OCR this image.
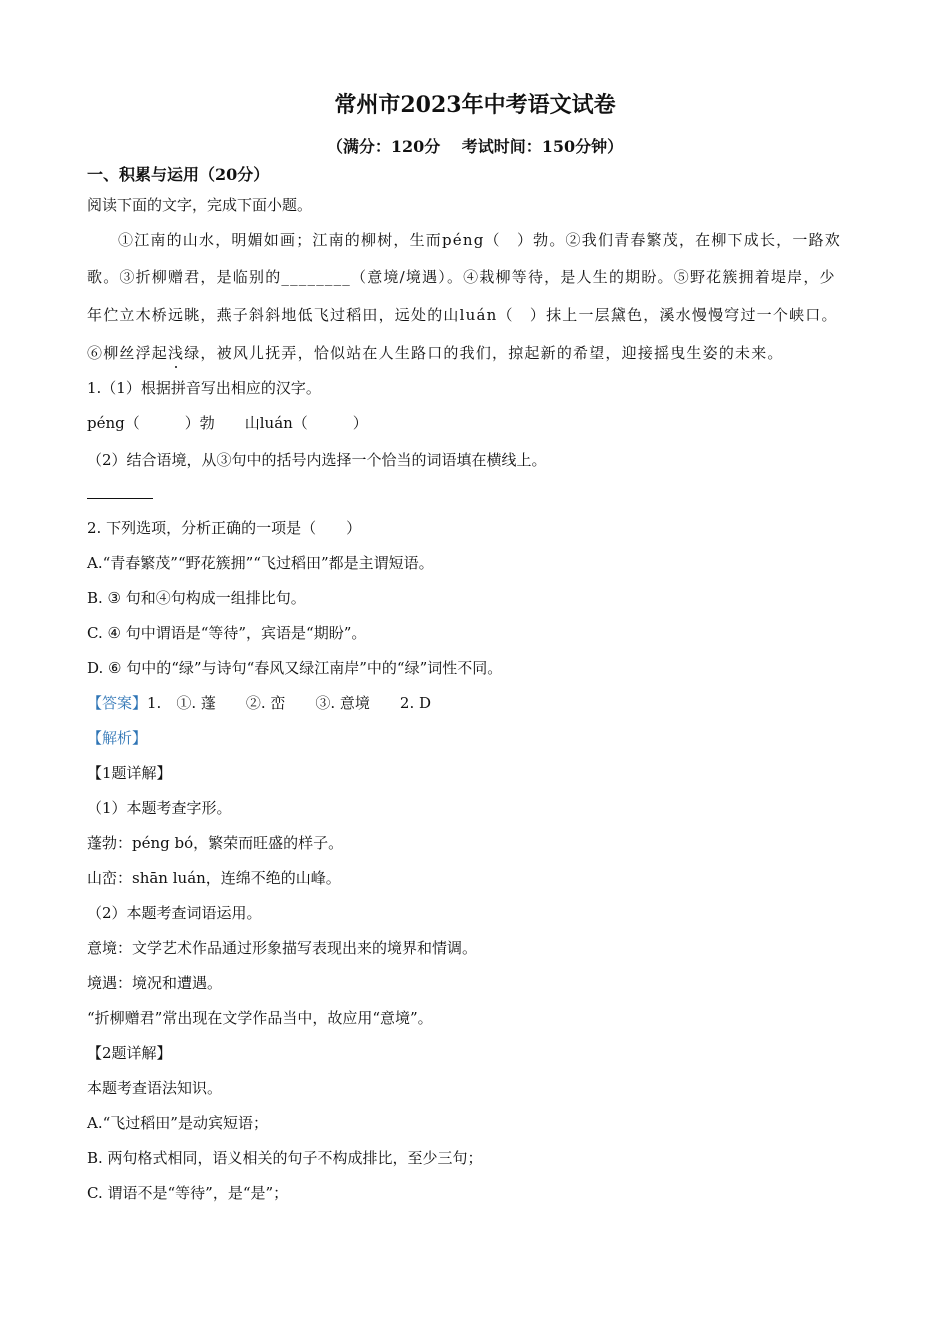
常州市2023年中考语文试卷
（满分：120分　 考试时间：150分钟）
一、积累与运用（20分）
阅读下面的文字，完成下面小题。
①江南的山水，明媚如画；江南的柳树，生而péng（　）勃。②我们青春繁茂，在柳下成长，一路欢
歌。③折柳赠君，是临别的________（意境/境遇）。④栽柳等待，是人生的期盼。⑤野花簇拥着堤岸，少
年伫立木桥远眺，燕子斜斜地低飞过稻田，远处的山luán（　）抹上一层黛色，溪水慢慢穹过一个峡口。
⑥柳丝浮起浅绿，被风儿抚弄，恰似站在人生路口的我们，掠起新的希望，迎接摇曳生姿的未来。
1.（1）根据拼音写出相应的汉字。
péng（　　　）勃　　山luán（　　　）
（2）结合语境，从③句中的括号内选择一个恰当的词语填在横线上。
2. 下列选项，分析正确的一项是（　　）
A.“青春繁茂”“野花簇拥”“飞过稻田”都是主谓短语。
B. ③ 句和④句构成一组排比句。
C. ④ 句中谓语是“等待”，宾语是“期盼”。
D. ⑥ 句中的“绿”与诗句“春风又绿江南岸”中的“绿”词性不同。
【答案】1.　①. 蓬　　②. 峦　　③. 意境　　2. D
【解析】
【1题详解】
（1）本题考查字形。
蓬勃：péng bó，繁荣而旺盛的样子。
山峦：shān luán，连绵不绝的山峰。
（2）本题考查词语运用。
意境：文学艺术作品通过形象描写表现出来的境界和情调。
境遇：境况和遭遇。
“折柳赠君”常出现在文学作品当中，故应用“意境”。
【2题详解】
本题考查语法知识。
A.“飞过稻田”是动宾短语；
B. 两句格式相同，语义相关的句子不构成排比，至少三句；
C. 谓语不是“等待”，是“是”；
